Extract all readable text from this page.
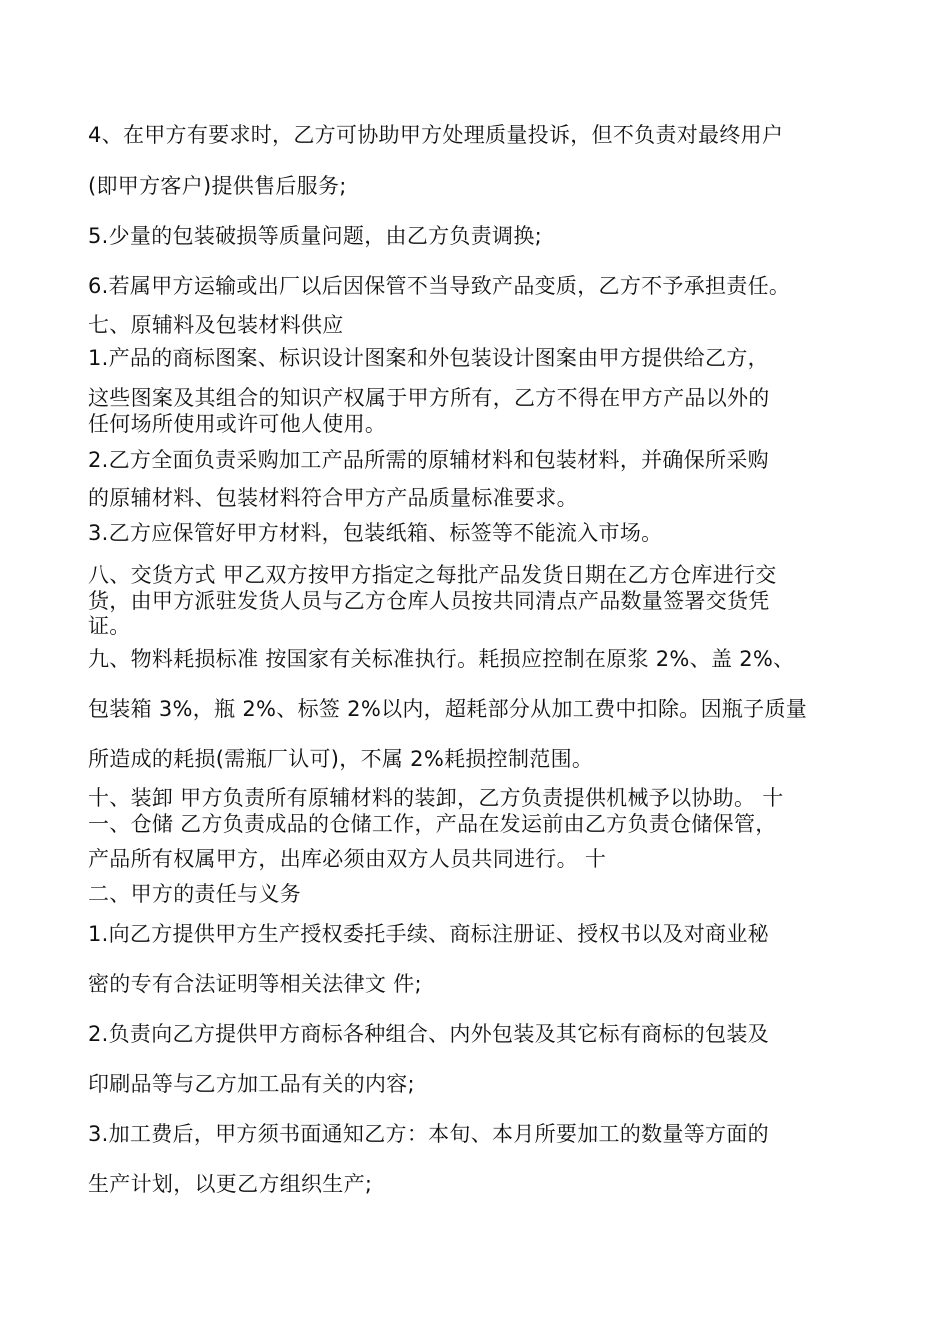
4、在甲方有要求时，乙方可协助甲方处理质量投诉，但不负责对最终用户
(即甲方客户)提供售后服务;
5.少量的包装破损等质量问题，由乙方负责调换;
6.若属甲方运输或出厂以后因保管不当导致产品变质，乙方不予承担责任。
七、原辅料及包装材料供应
1.产品的商标图案、标识设计图案和外包装设计图案由甲方提供给乙方，
这些图案及其组合的知识产权属于甲方所有，乙方不得在甲方产品以外的
任何场所使用或许可他人使用。
2.乙方全面负责采购加工产品所需的原辅材料和包装材料，并确保所采购
的原辅材料、包装材料符合甲方产品质量标准要求。
3.乙方应保管好甲方材料，包装纸箱、标签等不能流入市场。
八、交货方式 甲乙双方按甲方指定之每批产品发货日期在乙方仓库进行交
货，由甲方派驻发货人员与乙方仓库人员按共同清点产品数量签署交货凭
证。
九、物料耗损标准 按国家有关标准执行。耗损应控制在原浆 2%、盖 2%、
包装箱 3%，瓶 2%、标签 2%以内，超耗部分从加工费中扣除。因瓶子质量
所造成的耗损(需瓶厂认可)，不属 2%耗损控制范围。
十、装卸 甲方负责所有原辅材料的装卸，乙方负责提供机械予以协助。 十
一、仓储 乙方负责成品的仓储工作，产品在发运前由乙方负责仓储保管，
产品所有权属甲方，出库必须由双方人员共同进行。 十
二、甲方的责任与义务
1.向乙方提供甲方生产授权委托手续、商标注册证、授权书以及对商业秘
密的专有合法证明等相关法律文 件;
2.负责向乙方提供甲方商标各种组合、内外包装及其它标有商标的包装及
印刷品等与乙方加工品有关的内容;
3.加工费后，甲方须书面通知乙方：本旬、本月所要加工的数量等方面的
生产计划，以更乙方组织生产;
